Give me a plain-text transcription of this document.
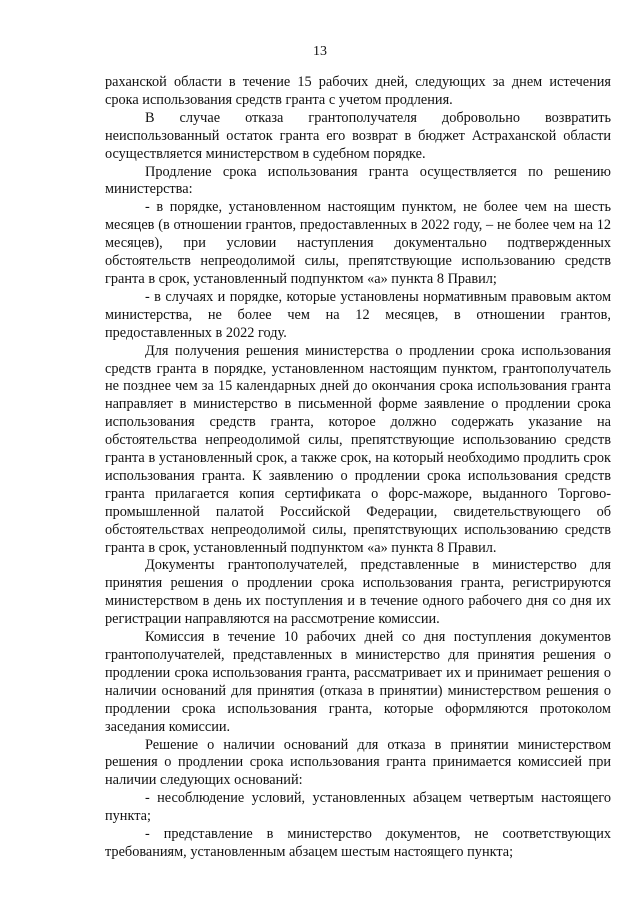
13

раханской области в течение 15 рабочих дней, следующих за днем истечения срока использования средств гранта с учетом продления.

В случае отказа грантополучателя добровольно возвратить неиспользованный остаток гранта его возврат в бюджет Астраханской области осуществляется министерством в судебном порядке.

Продление срока использования гранта осуществляется по решению министерства:

- в порядке, установленном настоящим пунктом, не более чем на шесть месяцев (в отношении грантов, предоставленных в 2022 году, – не более чем на 12 месяцев), при условии наступления документально подтвержденных обстоятельств непреодолимой силы, препятствующие использованию средств гранта в срок, установленный подпунктом «а» пункта 8 Правил;

- в случаях и порядке, которые установлены нормативным правовым актом министерства, не более чем на 12 месяцев, в отношении грантов, предоставленных в 2022 году.

Для получения решения министерства о продлении срока использования средств гранта в порядке, установленном настоящим пунктом, грантополучатель не позднее чем за 15 календарных дней до окончания срока использования гранта направляет в министерство в письменной форме заявление о продлении срока использования средств гранта, которое должно содержать указание на обстоятельства непреодолимой силы, препятствующие использованию средств гранта в установленный срок, а также срок, на который необходимо продлить срок использования гранта. К заявлению о продлении срока использования средств гранта прилагается копия сертификата о форс-мажоре, выданного Торгово-промышленной палатой Российской Федерации, свидетельствующего об обстоятельствах непреодолимой силы, препятствующих использованию средств гранта в срок, установленный подпунктом «а» пункта 8 Правил.

Документы грантополучателей, представленные в министерство для принятия решения о продлении срока использования гранта, регистрируются министерством в день их поступления и в течение одного рабочего дня со дня их регистрации направляются на рассмотрение комиссии.

Комиссия в течение 10 рабочих дней со дня поступления документов грантополучателей, представленных в министерство для принятия решения о продлении срока использования гранта, рассматривает их и принимает решения о наличии оснований для принятия (отказа в принятии) министерством решения о продлении срока использования гранта, которые оформляются протоколом заседания комиссии.

Решение о наличии оснований для отказа в принятии министерством решения о продлении срока использования гранта принимается комиссией при наличии следующих оснований:

- несоблюдение условий, установленных абзацем четвертым настоящего пункта;

- представление в министерство документов, не соответствующих требованиям, установленным абзацем шестым настоящего пункта;
